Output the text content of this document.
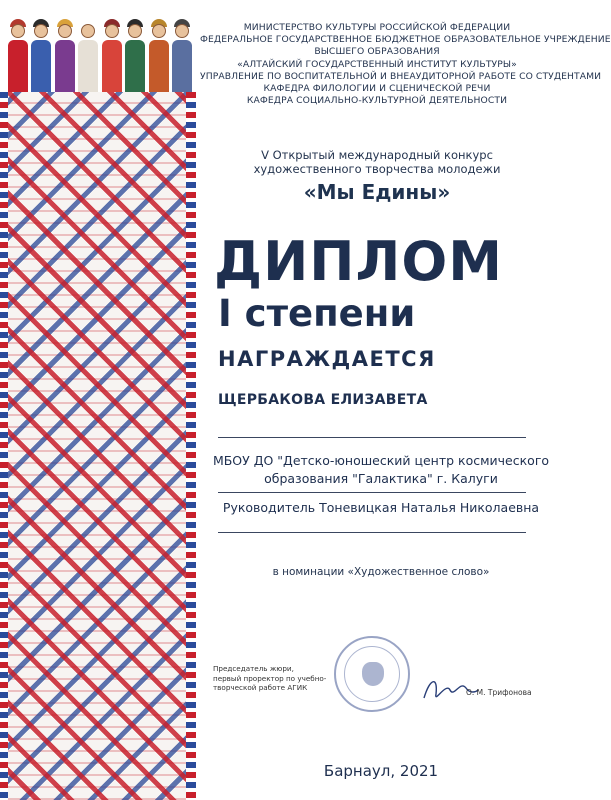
МИНИСТЕРСТВО КУЛЬТУРЫ РОССИЙСКОЙ ФЕДЕРАЦИИ
ФЕДЕРАЛЬНОЕ ГОСУДАРСТВЕННОЕ БЮДЖЕТНОЕ ОБРАЗОВАТЕЛЬНОЕ УЧРЕЖДЕНИЕ
ВЫСШЕГО ОБРАЗОВАНИЯ
«АЛТАЙСКИЙ ГОСУДАРСТВЕННЫЙ ИНСТИТУТ КУЛЬТУРЫ»
УПРАВЛЕНИЕ ПО ВОСПИТАТЕЛЬНОЙ И ВНЕАУДИТОРНОЙ РАБОТЕ СО СТУДЕНТАМИ
КАФЕДРА ФИЛОЛОГИИ И СЦЕНИЧЕСКОЙ РЕЧИ
КАФЕДРА СОЦИАЛЬНО-КУЛЬТУРНОЙ ДЕЯТЕЛЬНОСТИ
V Открытый международный конкурс
художественного творчества молодежи
«Мы Едины»
ДИПЛОМ
I степени
НАГРАЖДАЕТСЯ
ЩЕРБАКОВА ЕЛИЗАВЕТА
МБОУ ДО "Детско-юношеский центр космического
образования "Галактика" г. Калуги
Руководитель Тоневицкая Наталья Николаевна
в номинации «Художественное слово»
Председатель жюри,
первый проректор по учебно-
творческой работе АГИК
О. М. Трифонова
Барнаул, 2021
